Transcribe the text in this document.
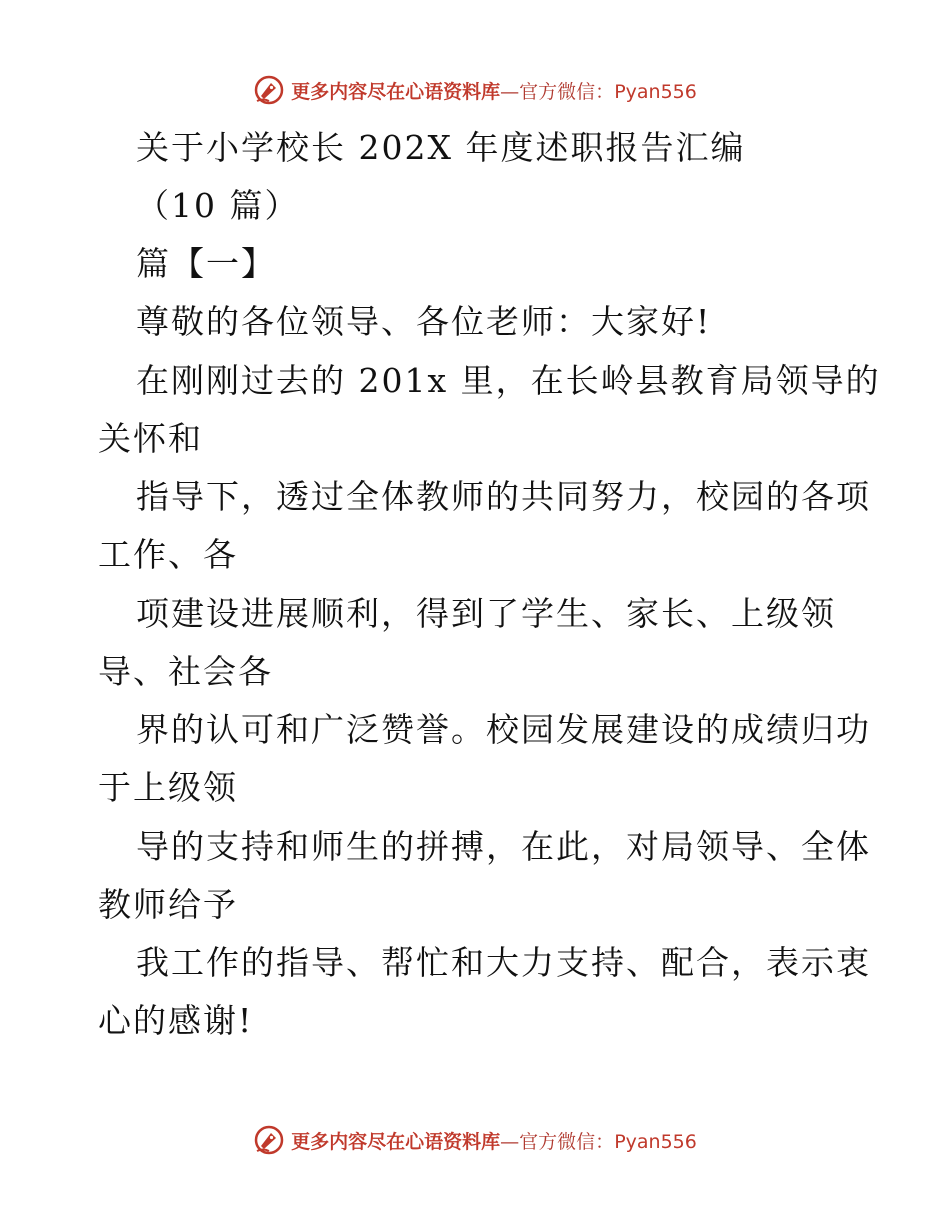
更多内容尽在心语资料库—官方微信：Pyan556
关于小学校长 202X 年度述职报告汇编
（10 篇）
篇【一】
尊敬的各位领导、各位老师：大家好!
在刚刚过去的 201x 里，在长岭县教育局领导的
关怀和
指导下，透过全体教师的共同努力，校园的各项
工作、各
项建设进展顺利，得到了学生、家长、上级领
导、社会各
界的认可和广泛赞誉。校园发展建设的成绩归功
于上级领
导的支持和师生的拼搏，在此，对局领导、全体
教师给予
我工作的指导、帮忙和大力支持、配合，表示衷
心的感谢!
更多内容尽在心语资料库—官方微信：Pyan556
